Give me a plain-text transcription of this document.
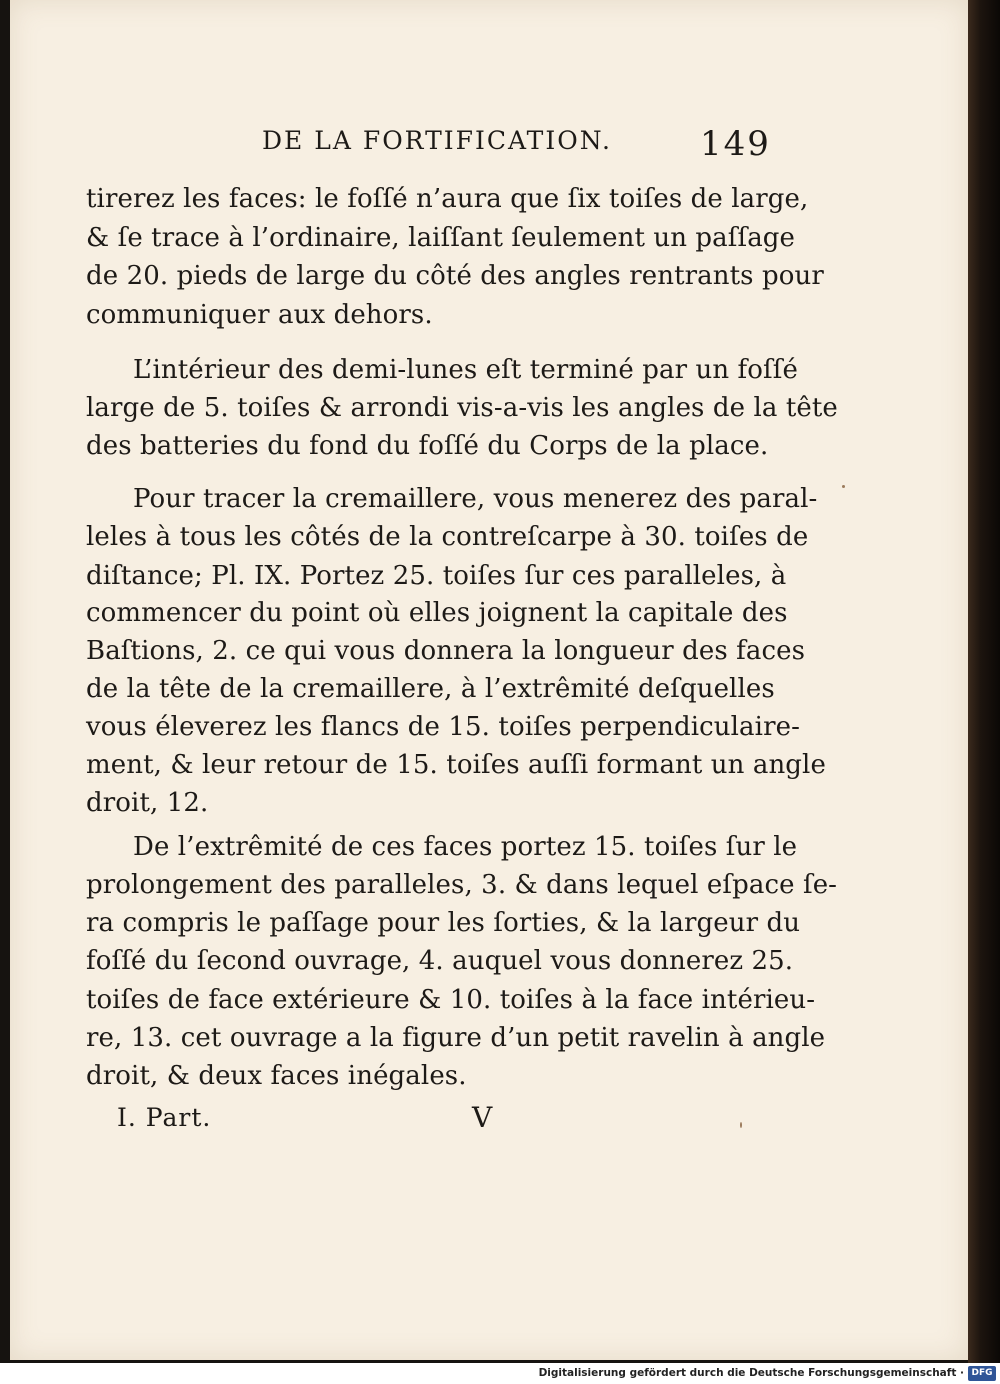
DE LA FORTIFICATION.	149
tirerez les faces: le foſſé n’aura que ſix toiſes de large,
& ſe trace à l’ordinaire, laiſſant ſeulement un paſſage
de 20. pieds de large du côté des angles rentrants pour
communiquer aux dehors.
L’intérieur des demi-lunes eſt terminé par un foſſé
large de 5. toiſes & arrondi vis-a-vis les angles de la tête
des batteries du fond du foſſé du Corps de la place.
Pour tracer la cremaillere, vous menerez des paral-
leles à tous les côtés de la contreſcarpe à 30. toiſes de
diſtance; Pl. IX. Portez 25. toiſes ſur ces paralleles, à
commencer du point où elles joignent la capitale des
Baſtions, 2. ce qui vous donnera la longueur des faces
de la tête de la cremaillere, à l’extrêmité deſquelles
vous éleverez les flancs de 15. toiſes perpendiculaire-
ment, & leur retour de 15. toiſes auſſi formant un angle
droit, 12.
De l’extrêmité de ces faces portez 15. toiſes ſur le
prolongement des paralleles, 3. & dans lequel eſpace ſe-
ra compris le paſſage pour les ſorties, & la largeur du
foſſé du ſecond ouvrage, 4. auquel vous donnerez 25.
toiſes de face extérieure & 10. toiſes à la face intérieu-
re, 13. cet ouvrage a la figure d’un petit ravelin à angle
droit, & deux faces inégales.
I. Part.	V
Digitalisierung gefördert durch die Deutsche Forschungsgemeinschaft · DFG
